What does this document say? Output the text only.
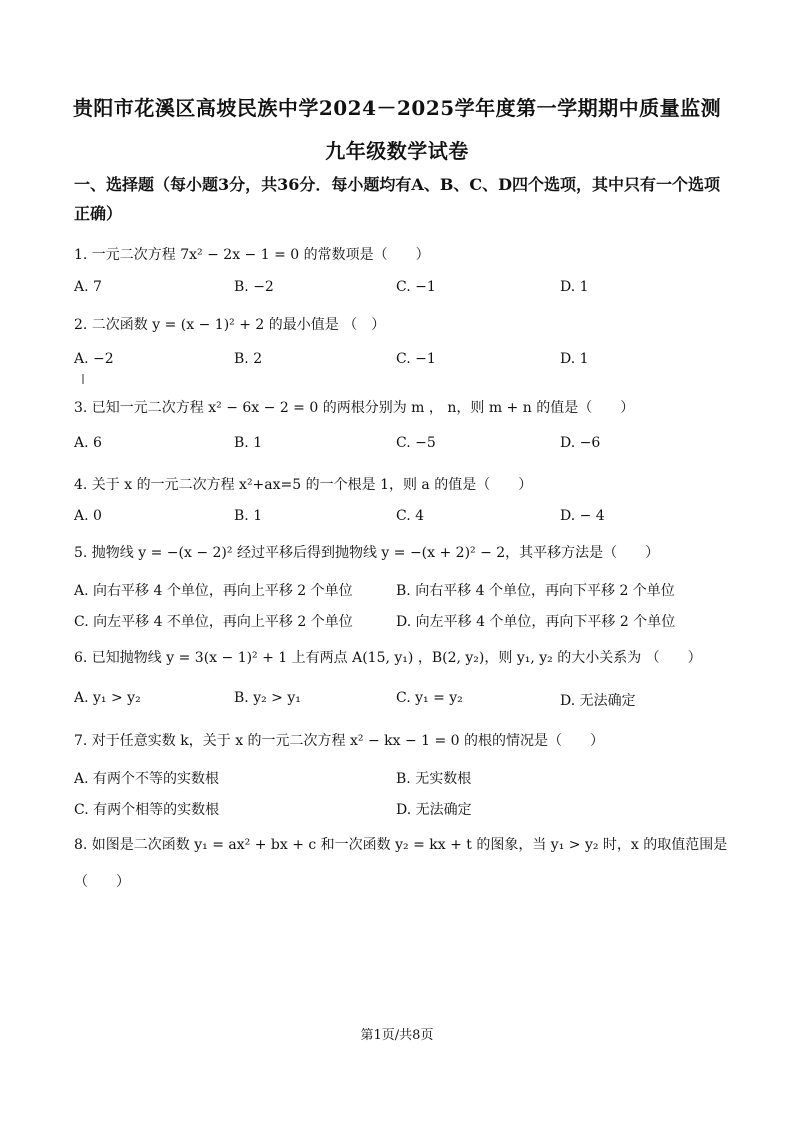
贵阳市花溪区高坡民族中学2024－2025学年度第一学期期中质量监测
九年级数学试卷
一、选择题（每小题3分，共36分．每小题均有A、B、C、D四个选项，其中只有一个选项正确）
1. 一元二次方程 7x² − 2x − 1 = 0 的常数项是（　　）
A. 7	B. −2	C. −1	D. 1
2. 二次函数 y = (x − 1)² + 2 的最小值是 （　）
A. −2	B. 2	C. −1	D. 1
3. 已知一元二次方程 x² − 6x − 2 = 0 的两根分别为 m ， n，则 m + n 的值是（　　）
A. 6	B. 1	C. −5	D. −6
4. 关于 x 的一元二次方程 x²+ax=5 的一个根是 1，则 a 的值是（　　）
A. 0	B. 1	C. 4	D. − 4
5. 抛物线 y = −(x − 2)² 经过平移后得到抛物线 y = −(x + 2)² − 2，其平移方法是（　　）
A. 向右平移 4 个单位，再向上平移 2 个单位	B. 向右平移 4 个单位，再向下平移 2 个单位
C. 向左平移 4 不单位，再向上平移 2 个单位	D. 向左平移 4 个单位，再向下平移 2 个单位
6. 已知抛物线 y = 3(x − 1)² + 1 上有两点 A(15, y₁) ，B(2, y₂)，则 y₁, y₂ 的大小关系为 （　　）
A. y₁ > y₂	B. y₂ > y₁	C. y₁ = y₂	D. 无法确定
7. 对于任意实数 k，关于 x 的一元二次方程 x² − kx − 1 = 0 的根的情况是（　　）
A. 有两个不等的实数根	B. 无实数根
C. 有两个相等的实数根	D. 无法确定
8. 如图是二次函数 y₁ = ax² + bx + c 和一次函数 y₂ = kx + t 的图象，当 y₁ > y₂ 时，x 的取值范围是
（　　）
第1页/共8页
